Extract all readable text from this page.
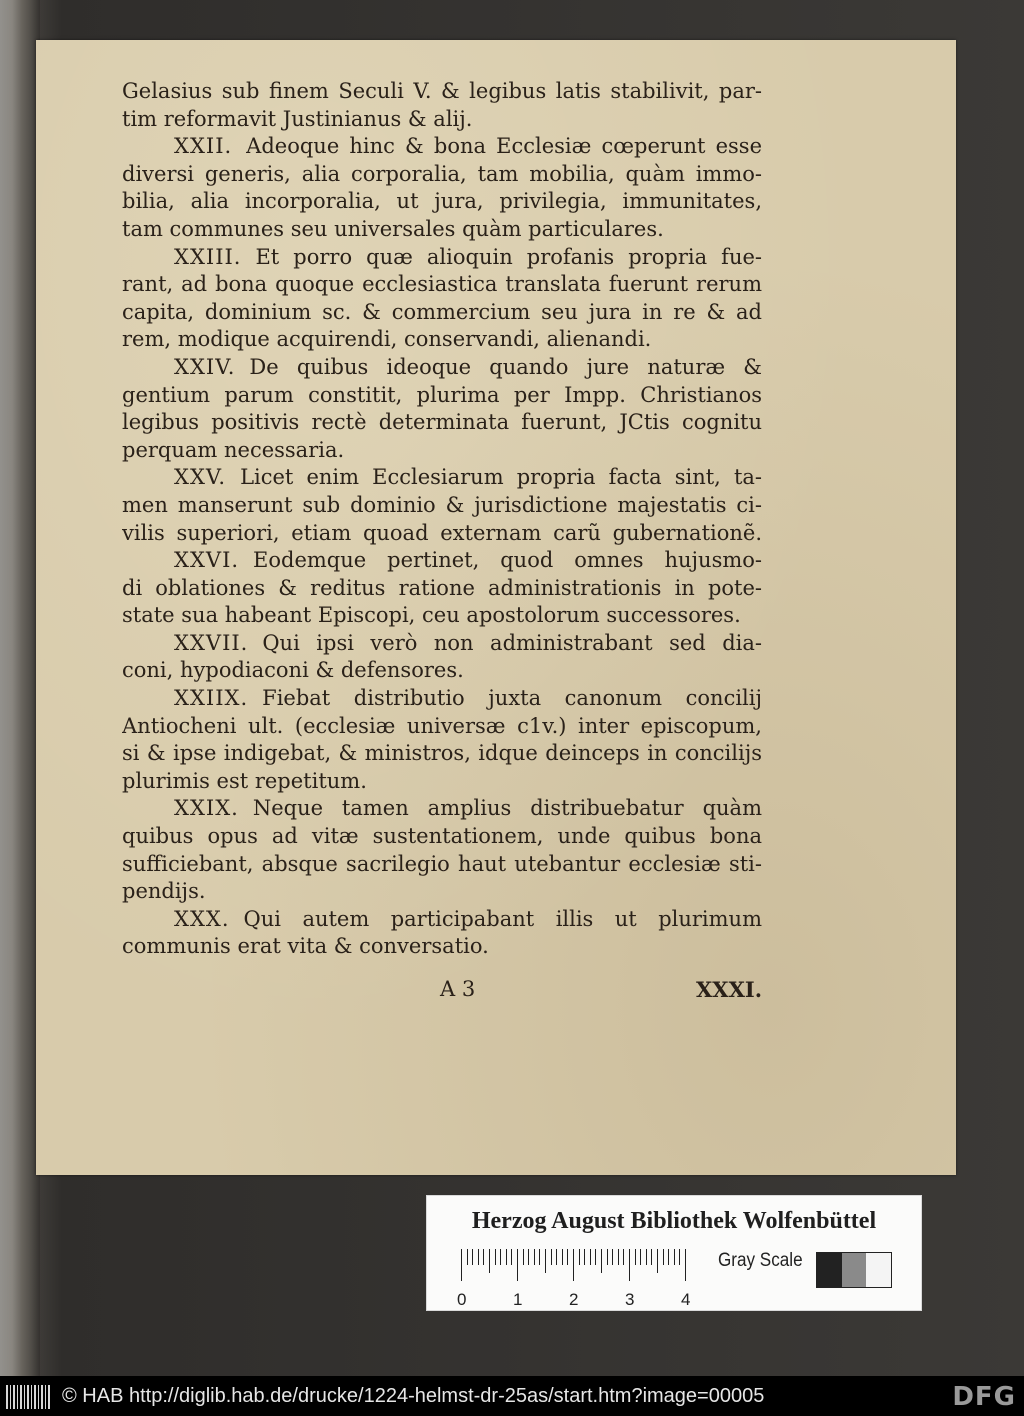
Gelasius sub finem Seculi V. & legibus latis stabilivit, par-
tim reformavit Justinianus & alij.
XXII. Adeoque hinc & bona Ecclesiæ cœperunt esse
diversi generis, alia corporalia, tam mobilia, quàm immo-
bilia, alia incorporalia, ut jura, privilegia, immunitates,
tam communes seu universales quàm particulares.
XXIII. Et porro quæ alioquin profanis propria fue-
rant, ad bona quoque ecclesiastica translata fuerunt rerum
capita, dominium sc. & commercium seu jura in re & ad
rem, modique acquirendi, conservandi, alienandi.
XXIV. De quibus ideoque quando jure naturæ &
gentium parum constitit, plurima per Impp. Christianos
legibus positivis rectè determinata fuerunt, JCtis cognitu
perquam necessaria.
XXV. Licet enim Ecclesiarum propria facta sint, ta-
men manserunt sub dominio & jurisdictione majestatis ci-
vilis superiori, etiam quoad externam carũ gubernationẽ.
XXVI. Eodemque pertinet, quod omnes hujusmo-
di oblationes & reditus ratione administrationis in pote-
state sua habeant Episcopi, ceu apostolorum successores.
XXVII. Qui ipsi verò non administrabant sed dia-
coni, hypodiaconi & defensores.
XXIIX. Fiebat distributio juxta canonum concilij
Antiocheni ult. (ecclesiæ universæ c1v.) inter episcopum,
si & ipse indigebat, & ministros, idque deinceps in concilijs
plurimis est repetitum.
XXIX. Neque tamen amplius distribuebatur quàm
quibus opus ad vitæ sustentationem, unde quibus bona
sufficiebant, absque sacrilegio haut utebantur ecclesiæ sti-
pendijs.
XXX. Qui autem participabant illis ut plurimum
communis erat vita & conversatio.
A 3	XXXI.
Herzog August Bibliothek Wolfenbüttel
0	1	2	3	4
Gray Scale
© HAB http://diglib.hab.de/drucke/1224-helmst-dr-25as/start.htm?image=00005	DFG
